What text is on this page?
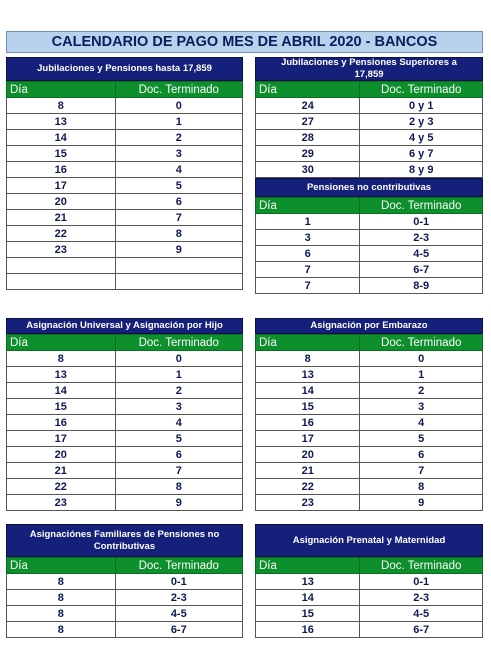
CALENDARIO DE PAGO MES DE ABRIL 2020 - BANCOS
Jubilaciones y Pensiones hasta 17,859
Día	Doc. Terminado
8	0
13	1
14	2
15	3
16	4
17	5
20	6
21	7
22	8
23	9

Jubilaciones y Pensiones Superiores a 17,859
Día	Doc. Terminado
24	0 y 1
27	2 y 3
28	4 y 5
29	6 y 7
30	8 y 9
Pensiones no contributivas
Día	Doc. Terminado
1	0-1
3	2-3
6	4-5
7	6-7
7	8-9
Asignación Universal y Asignación por Hijo
Día	Doc. Terminado
8	0
13	1
14	2
15	3
16	4
17	5
20	6
21	7
22	8
23	9
Asignación por Embarazo
Día	Doc. Terminado
8	0
13	1
14	2
15	3
16	4
17	5
20	6
21	7
22	8
23	9
Asignaciónes Familiares de Pensiones no Contributivas
Día	Doc. Terminado
8	0-1
8	2-3
8	4-5
8	6-7
Asignación Prenatal y Maternidad
Día	Doc. Terminado
13	0-1
14	2-3
15	4-5
16	6-7
